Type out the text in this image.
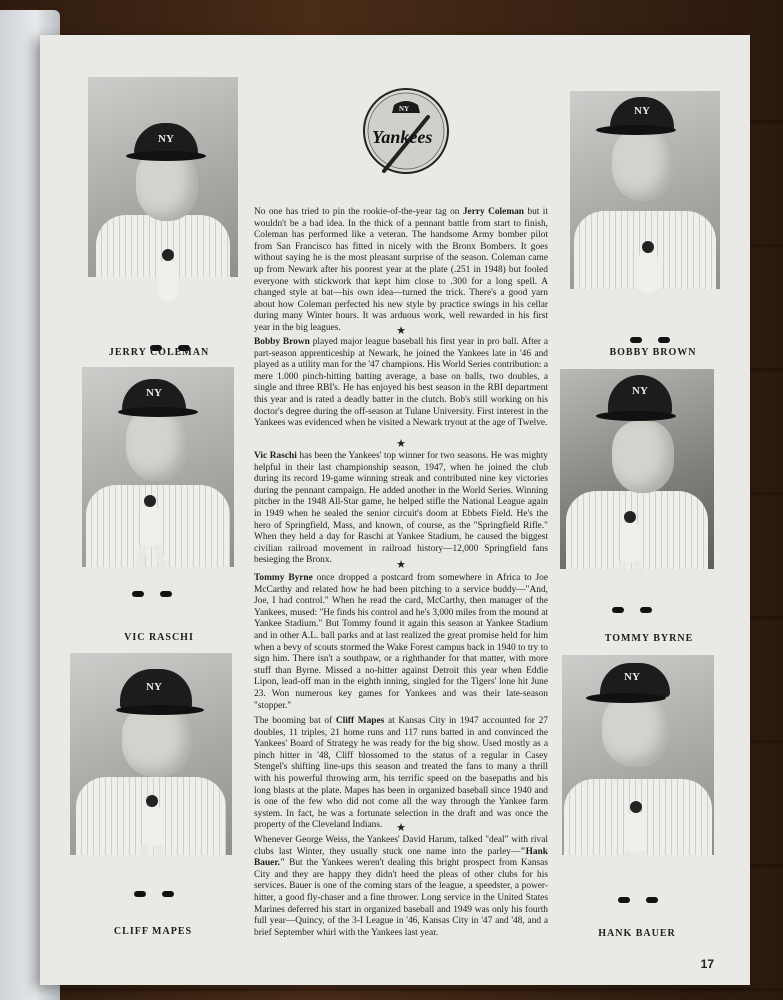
NY
Yankees
NY
JERRY COLEMAN
NY
BOBBY BROWN
NY
VIC RASCHI
NY
TOMMY BYRNE
NY
CLIFF MAPES
NY
HANK BAUER

No one has tried to pin the rookie-of-the-year tag on Jerry Coleman but it wouldn't be a bad idea. In the thick of a pennant battle from start to finish, Coleman has performed like a veteran. The handsome Army bomber pilot from San Francisco has fitted in nicely with the Bronx Bombers. It goes without saying he is the most pleasant surprise of the season. Coleman came up from Newark after his poorest year at the plate (.251 in 1948) but fooled everyone with stickwork that kept him close to .300 for a long spell. A changed style at bat—his own idea—turned the trick. There's a good yarn about how Coleman perfected his new style by practice swings in his cellar during many Winter hours. It was arduous work, well rewarded in his first year in the big leagues.	★

Bobby Brown played major league baseball his first year in pro ball. After a part-season apprenticeship at Newark, he joined the Yankees late in '46 and played as a utility man for the '47 champions. His World Series contribution: a mere 1.000 pinch-hitting batting average, a base on balls, two doubles, a single and three RBI's. He has enjoyed his best season in the RBI department this year and is rated a deadly batter in the clutch. Bob's still working on his doctor's degree during the off-season at Tulane University. First interest in the Yankees was evidenced when he visited a Newark tryout at the age of Twelve.

★

Vic Raschi has been the Yankees' top winner for two seasons. He was mighty helpful in their last championship season, 1947, when he joined the club during its record 19-game winning streak and contributed nine key victories during the pennant campaign. He added another in the World Series. Winning pitcher in the 1948 All-Star game, he helped stifle the National League again in 1949 when he sealed the senior circuit's doom at Ebbets Field. He's the hero of Springfield, Mass, and known, of course, as the "Springfield Rifle." When they held a day for Raschi at Yankee Stadium, he caused the biggest civilian railroad movement in railroad history—12,000 Springfield fans besieging the Bronx.	★

Tommy Byrne once dropped a postcard from somewhere in Africa to Joe McCarthy and related how he had been pitching to a service buddy—"And, Joe, I had control." When he read the card, McCarthy, then manager of the Yankees, mused: "He finds his control and he's 3,000 miles from the mound at Yankee Stadium." But Tommy found it again this season at Yankee Stadium and in other A.L. ball parks and at last realized the great promise held for him when a bevy of scouts stormed the Wake Forest campus back in 1940 to try to sign him. There isn't a southpaw, or a righthander for that matter, with more stuff than Byrne. Missed a no-hitter against Detroit this year when Eddie Lipon, lead-off man in the eighth inning, singled for the Tigers' lone hit June 23. Won numerous key games for Yankees and was their late-season "stopper."

The booming bat of Cliff Mapes at Kansas City in 1947 accounted for 27 doubles, 11 triples, 21 home runs and 117 runs batted in and convinced the Yankees' Board of Strategy he was ready for the big show. Used mostly as a pinch hitter in '48, Cliff blossomed to the status of a regular in Casey Stengel's shifting line-ups this season and treated the fans to many a thrill with his powerful throwing arm, his terrific speed on the basepaths and his long blasts at the plate. Mapes has been in organized baseball since 1940 and is one of the few who did not come all the way through the Yankee farm system. In fact, he was a fortunate selection in the draft and was once the property of the Cleveland Indians.	★

Whenever George Weiss, the Yankees' David Harum, talked "deal" with rival clubs last Winter, they usually stuck one name into the parley—"Hank Bauer." But the Yankees weren't dealing this bright prospect from Kansas City and they are happy they didn't heed the pleas of other clubs for his services. Bauer is one of the coming stars of the league, a speedster, a power-hitter, a good fly-chaser and a fine thrower. Long service in the United States Marines deferred his start in organized baseball and 1949 was only his fourth full year—Quincy, of the 3-I League in '46, Kansas City in '47 and '48, and a brief September whirl with the Yankees last year.

17
